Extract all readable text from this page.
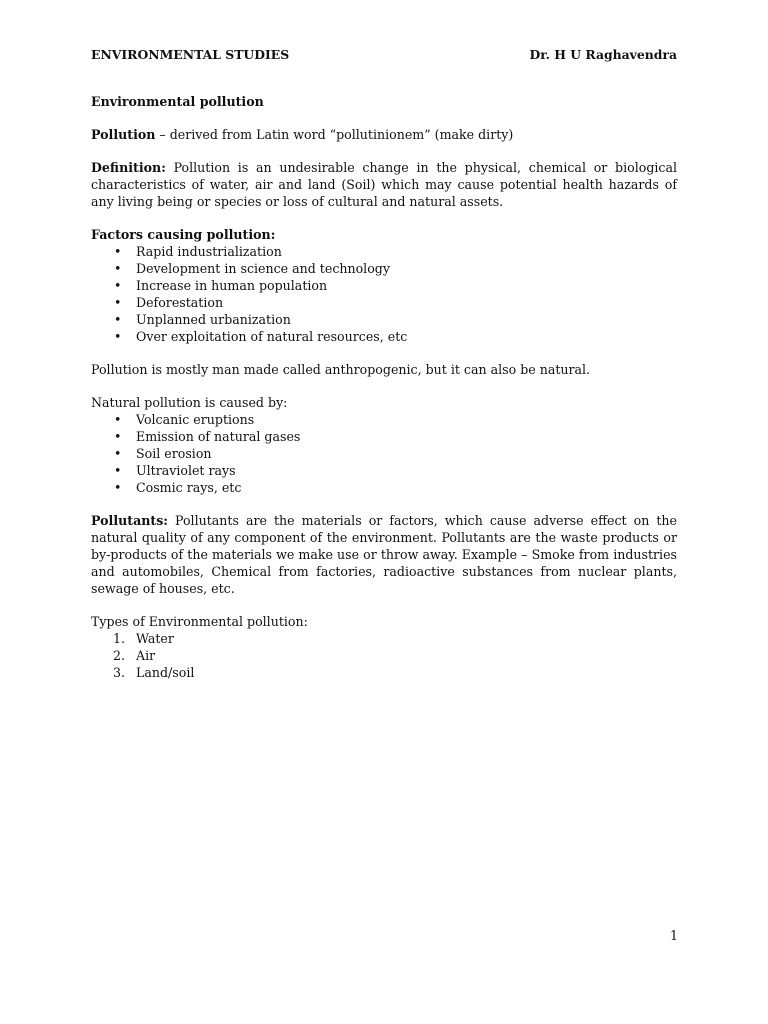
ENVIRONMENTAL STUDIES	Dr. H U Raghavendra
Environmental pollution

Pollution – derived from Latin word “pollutinionem” (make dirty)

Definition: Pollution is an undesirable change in the physical, chemical or biological characteristics of water, air and land (Soil) which may cause potential health hazards of any living being or species or loss of cultural and natural assets.

Factors causing pollution:
• Rapid industrialization
• Development in science and technology
• Increase in human population
• Deforestation
• Unplanned urbanization
• Over exploitation of natural resources, etc

Pollution is mostly man made called anthropogenic, but it can also be natural.

Natural pollution is caused by:
• Volcanic eruptions
• Emission of natural gases
• Soil erosion
• Ultraviolet rays
• Cosmic rays, etc

Pollutants: Pollutants are the materials or factors, which cause adverse effect on the natural quality of any component of the environment. Pollutants are the waste products or by-products of the materials we make use or throw away. Example – Smoke from industries and automobiles, Chemical from factories, radioactive substances from nuclear plants, sewage of houses, etc.

Types of Environmental pollution:
1. Water
2. Air
3. Land/soil
1
